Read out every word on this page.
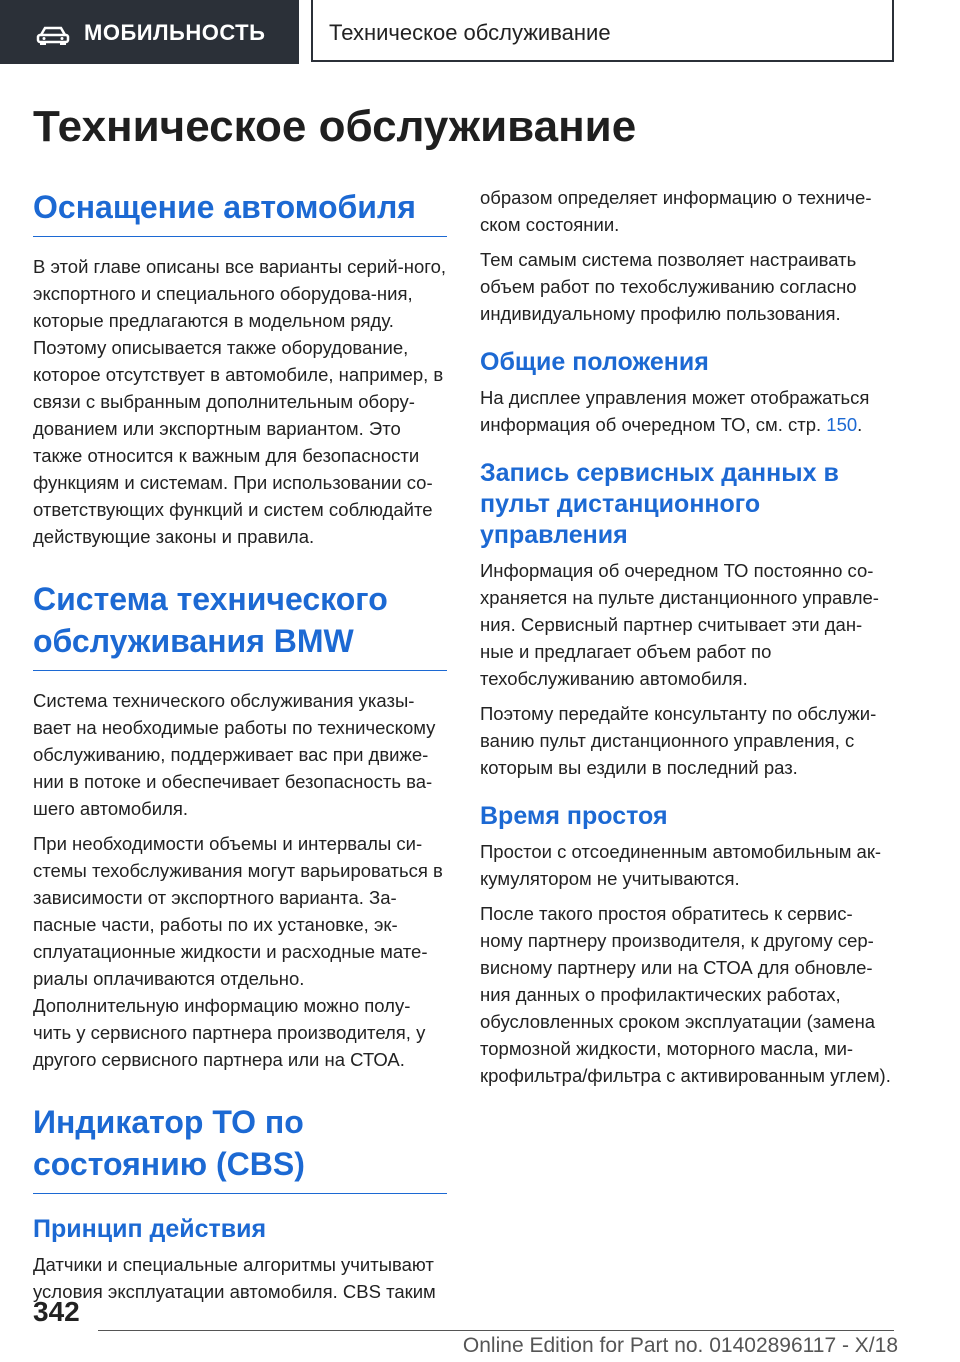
МОБИЛЬНОСТЬ	Техническое обслуживание
Техническое обслуживание
Оснащение автомобиля

В этой главе описаны все варианты серий-ного, экспортного и специального оборудова-ния, которые предлагаются в модельном ряду. Поэтому описывается также оборудование, которое отсутствует в автомобиле, например, в связи с выбранным дополнительным обору-дованием или экспортным вариантом. Это также относится к важным для безопасности функциям и системам. При использовании со-ответствующих функций и систем соблюдайте действующие законы и правила.

Система технического обслуживания BMW

Система технического обслуживания указы-вает на необходимые работы по техническому обслуживанию, поддерживает вас при движе-нии в потоке и обеспечивает безопасность ва-шего автомобиля.

При необходимости объемы и интервалы си-стемы техобслуживания могут варьироваться в зависимости от экспортного варианта. За-пасные части, работы по их установке, эк-сплуатационные жидкости и расходные мате-риалы оплачиваются отдельно. Дополнительную информацию можно полу-чить у сервисного партнера производителя, у другого сервисного партнера или на СТОА.

Индикатор ТО по состоянию (CBS)
Принцип действия

Датчики и специальные алгоритмы учитывают условия эксплуатации автомобиля. CBS таким

образом определяет информацию о техниче-ском состоянии.

Тем самым система позволяет настраивать объем работ по техобслуживанию согласно индивидуальному профилю пользования.

Общие положения

На дисплее управления может отображаться информация об очередном ТО, см. стр. 150.

Запись сервисных данных в пульт дистанционного управления

Информация об очередном ТО постоянно со-храняется на пульте дистанционного управле-ния. Сервисный партнер считывает эти дан-ные и предлагает объем работ по техобслуживанию автомобиля.

Поэтому передайте консультанту по обслужи-ванию пульт дистанционного управления, с которым вы ездили в последний раз.

Время простоя

Простои с отсоединенным автомобильным ак-кумулятором не учитываются.

После такого простоя обратитесь к сервис-ному партнеру производителя, к другому сер-висному партнеру или на СТОА для обновле-ния данных о профилактических работах, обусловленных сроком эксплуатации (замена тормозной жидкости, моторного масла, ми-крофильтра/фильтра с активированным углем).

342
Online Edition for Part no. 01402896117 - X/18
